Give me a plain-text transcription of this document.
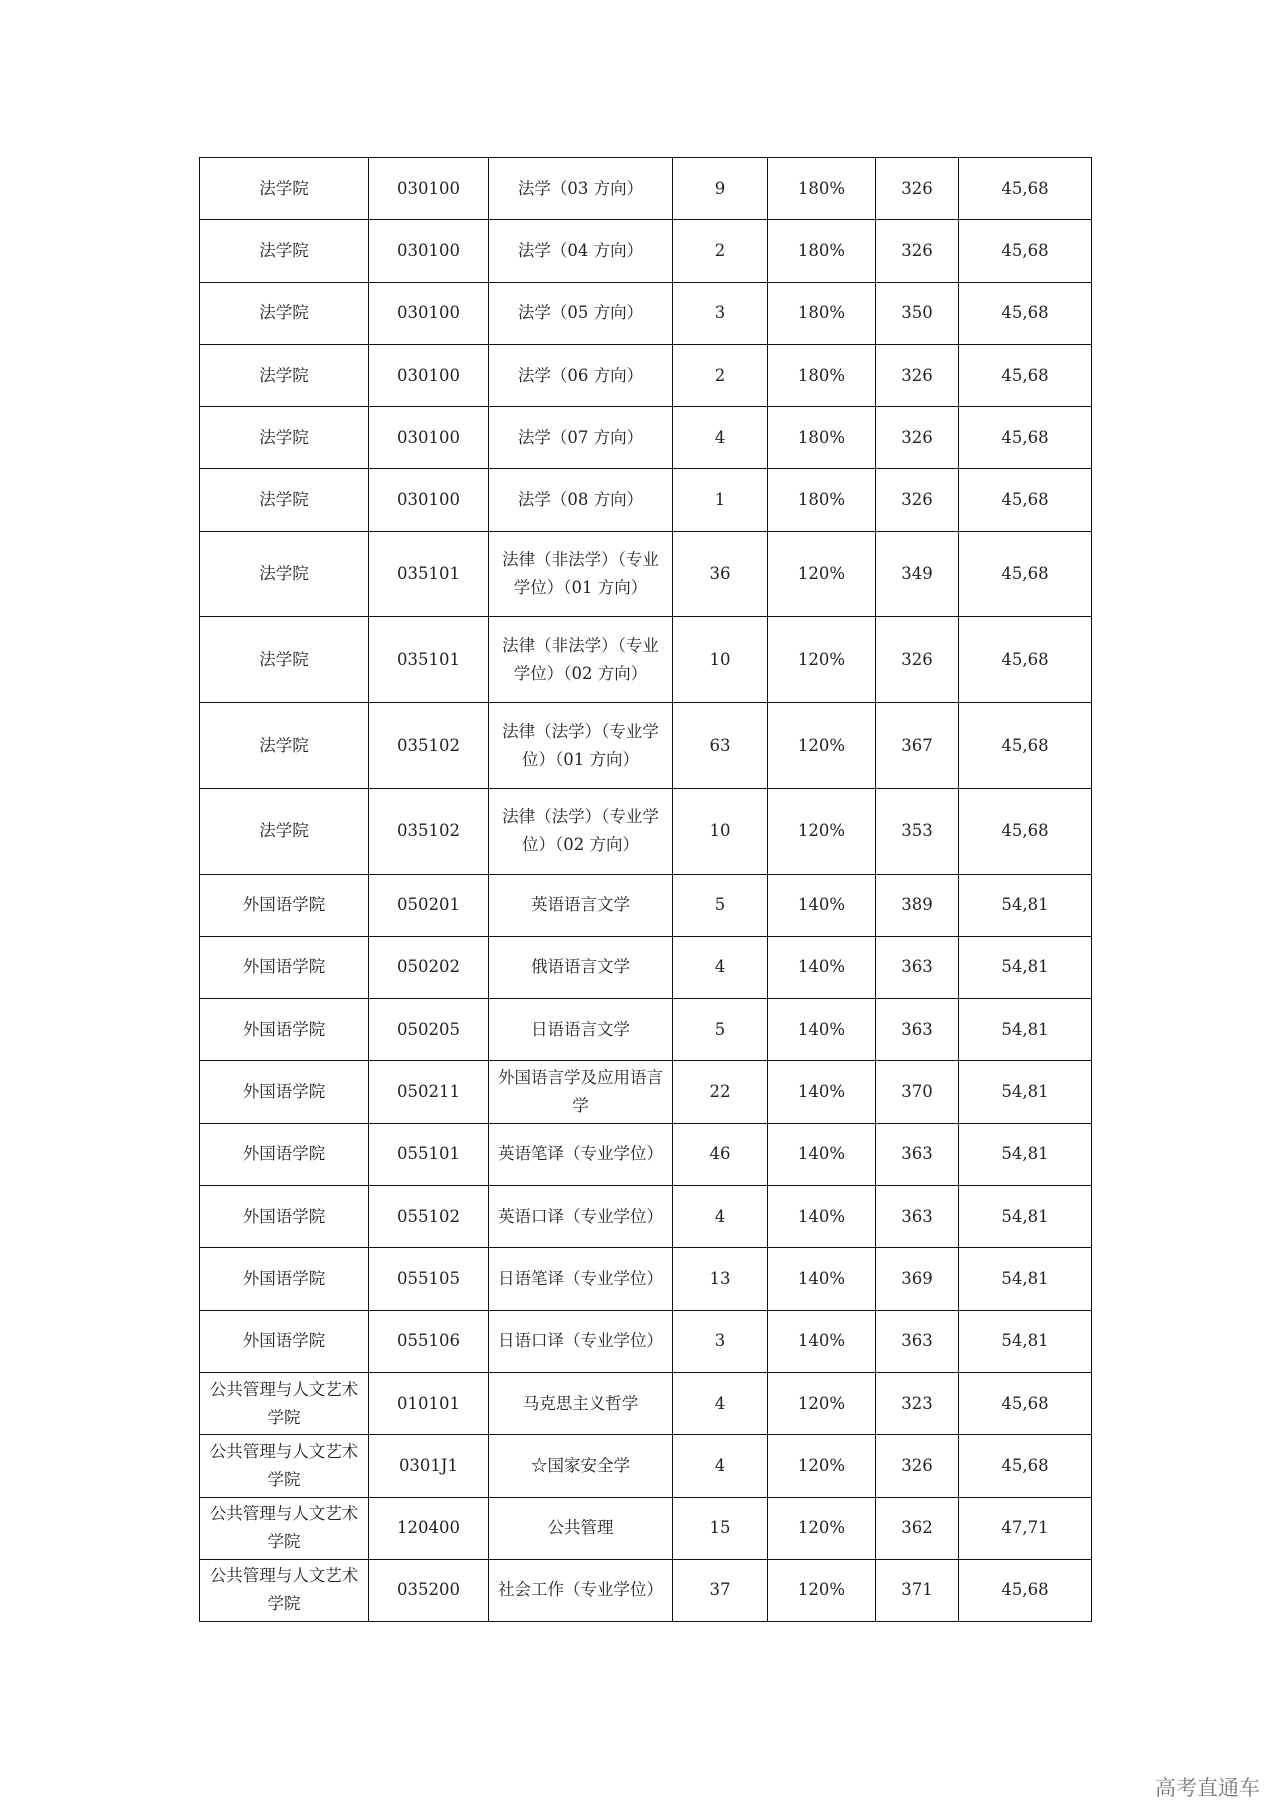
法学院	030100	法学（03 方向）	9	180%	326	45,68
法学院	030100	法学（04 方向）	2	180%	326	45,68
法学院	030100	法学（05 方向）	3	180%	350	45,68
法学院	030100	法学（06 方向）	2	180%	326	45,68
法学院	030100	法学（07 方向）	4	180%	326	45,68
法学院	030100	法学（08 方向）	1	180%	326	45,68
法学院	035101	法律（非法学）（专业学位）（01 方向）	36	120%	349	45,68
法学院	035101	法律（非法学）（专业学位）（02 方向）	10	120%	326	45,68
法学院	035102	法律（法学）（专业学位）（01 方向）	63	120%	367	45,68
法学院	035102	法律（法学）（专业学位）（02 方向）	10	120%	353	45,68
外国语学院	050201	英语语言文学	5	140%	389	54,81
外国语学院	050202	俄语语言文学	4	140%	363	54,81
外国语学院	050205	日语语言文学	5	140%	363	54,81
外国语学院	050211	外国语言学及应用语言学	22	140%	370	54,81
外国语学院	055101	英语笔译（专业学位）	46	140%	363	54,81
外国语学院	055102	英语口译（专业学位）	4	140%	363	54,81
外国语学院	055105	日语笔译（专业学位）	13	140%	369	54,81
外国语学院	055106	日语口译（专业学位）	3	140%	363	54,81
公共管理与人文艺术学院	010101	马克思主义哲学	4	120%	323	45,68
公共管理与人文艺术学院	0301J1	☆国家安全学	4	120%	326	45,68
公共管理与人文艺术学院	120400	公共管理	15	120%	362	47,71
公共管理与人文艺术学院	035200	社会工作（专业学位）	37	120%	371	45,68
高考直通车
